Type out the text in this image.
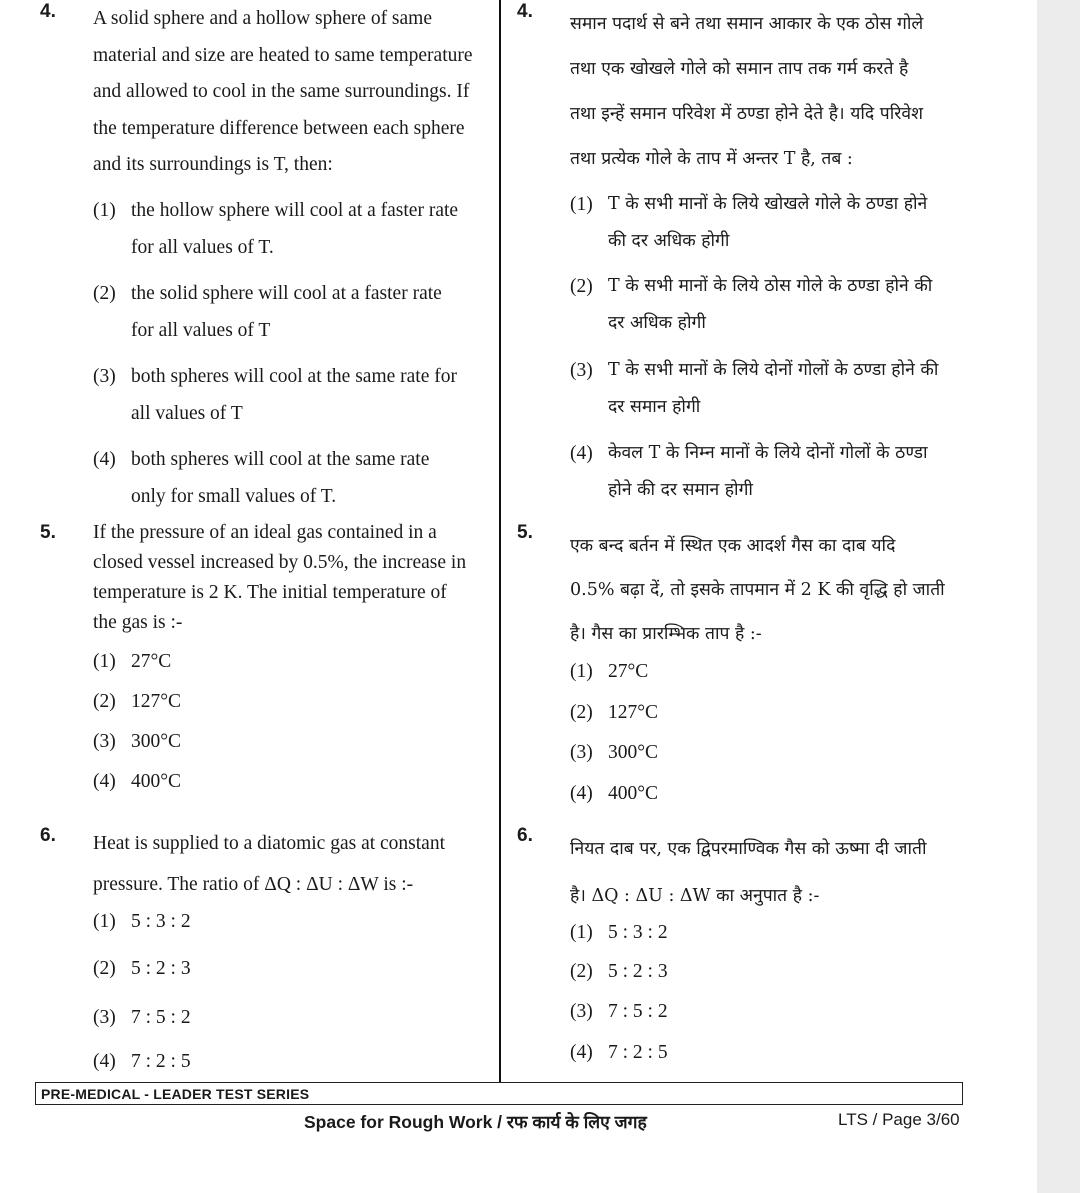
4. A solid sphere and a hollow sphere of same
material and size are heated to same temperature
and allowed to cool in the same surroundings. If
the temperature difference between each sphere
and its surroundings is T, then:
(1) the hollow sphere will cool at a faster rate
for all values of T.
(2) the solid sphere will cool at a faster rate
for all values of T
(3) both spheres will cool at the same rate for
all values of T
(4) both spheres will cool at the same rate
only for small values of T.
5. If the pressure of an ideal gas contained in a
closed vessel increased by 0.5%, the increase in
temperature is 2 K. The initial temperature of
the gas is :-
(1) 27°C
(2) 127°C
(3) 300°C
(4) 400°C
6. Heat is supplied to a diatomic gas at constant
pressure. The ratio of ΔQ : ΔU : ΔW is :-
(1) 5 : 3 : 2
(2) 5 : 2 : 3
(3) 7 : 5 : 2
(4) 7 : 2 : 5
4.
समान पदार्थ से बने तथा समान आकार के एक ठोस गोले
तथा एक खोखले गोले को समान ताप तक गर्म करते है
तथा इन्हें समान परिवेश में ठण्डा होने देते है। यदि परिवेश
तथा प्रत्येक गोले के ताप में अन्तर T है, तब :
(1) T के सभी मानों के लिये खोखले गोले के ठण्डा होने
की दर अधिक होगी
(2) T के सभी मानों के लिये ठोस गोले के ठण्डा होने की
दर अधिक होगी
(3) T के सभी मानों के लिये दोनों गोलों के ठण्डा होने की
दर समान होगी
(4) केवल T के निम्न मानों के लिये दोनों गोलों के ठण्डा
होने की दर समान होगी
5.
एक बन्द बर्तन में स्थित एक आदर्श गैस का दाब यदि
0.5% बढ़ा दें, तो इसके तापमान में 2 K की वृद्धि हो जाती
है। गैस का प्रारम्भिक ताप है :-
(1) 27°C
(2) 127°C
(3) 300°C
(4) 400°C
6.
नियत दाब पर, एक द्विपरमाण्विक गैस को ऊष्मा दी जाती
है। ΔQ : ΔU : ΔW का अनुपात है :-
(1) 5 : 3 : 2
(2) 5 : 2 : 3
(3) 7 : 5 : 2
(4) 7 : 2 : 5
PRE-MEDICAL - LEADER TEST SERIES
Space for Rough Work / रफ कार्य के लिए जगह	LTS / Page 3/60
